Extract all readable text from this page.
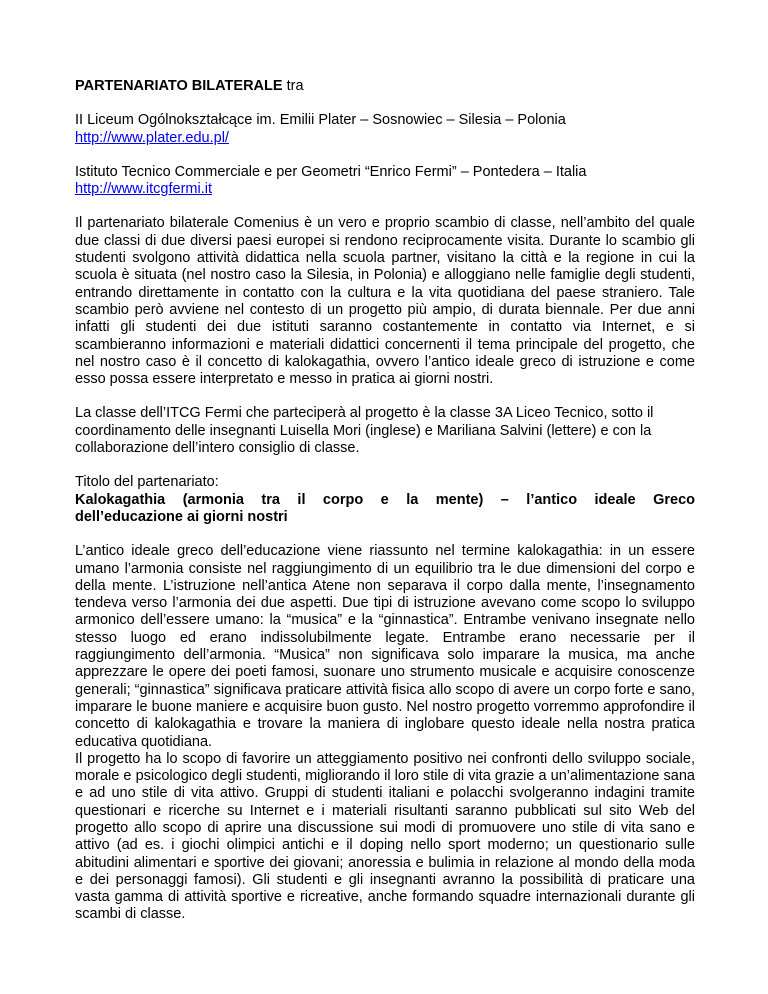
PARTENARIATO BILATERALE tra

II Liceum Ogólnokształcące im. Emilii Plater – Sosnowiec – Silesia – Polonia

http://www.plater.edu.pl/

Istituto Tecnico Commerciale e per Geometri “Enrico Fermi” – Pontedera – Italia

http://www.itcgfermi.it

Il partenariato bilaterale Comenius è un vero e proprio scambio di classe, nell’ambito del quale due classi di due diversi paesi europei si rendono reciprocamente visita. Durante lo scambio gli studenti svolgono attività didattica nella scuola partner, visitano la città e la regione in cui la scuola è situata (nel nostro caso la Silesia, in Polonia) e alloggiano nelle famiglie degli studenti, entrando direttamente in contatto con la cultura e la vita quotidiana del paese straniero. Tale scambio però avviene nel contesto di un progetto più ampio, di durata biennale. Per due anni infatti gli studenti dei due istituti saranno costantemente in contatto via Internet, e si scambieranno informazioni e materiali didattici concernenti il tema principale del progetto, che nel nostro caso è il concetto di kalokagathia, ovvero l’antico ideale greco di istruzione e come esso possa essere interpretato e messo in pratica ai giorni nostri.

La classe dell’ITCG Fermi che parteciperà al progetto è la classe 3A Liceo Tecnico, sotto il coordinamento delle insegnanti Luisella Mori (inglese) e Mariliana Salvini (lettere) e con la collaborazione dell’intero consiglio di classe.

Titolo del partenariato:

Kalokagathia (armonia tra il corpo e la mente) – l’antico ideale Greco

dell’educazione ai giorni nostri

L’antico ideale greco dell’educazione viene riassunto nel termine kalokagathia: in un essere umano l’armonia consiste nel raggiungimento di un equilibrio tra le due dimensioni del corpo e della mente. L’istruzione nell’antica Atene non separava il corpo dalla mente, l’insegnamento tendeva verso l’armonia dei due aspetti. Due tipi di istruzione avevano come scopo lo sviluppo armonico dell’essere umano: la “musica” e la “ginnastica”. Entrambe venivano insegnate nello stesso luogo ed erano indissolubilmente legate. Entrambe erano necessarie per il raggiungimento dell’armonia. “Musica” non significava solo imparare la musica, ma anche apprezzare le opere dei poeti famosi, suonare uno strumento musicale e acquisire conoscenze generali; “ginnastica” significava praticare attività fisica allo scopo di avere un corpo forte e sano, imparare le buone maniere e acquisire buon gusto. Nel nostro progetto vorremmo approfondire il concetto di kalokagathia e trovare la maniera di inglobare questo ideale nella nostra pratica educativa quotidiana.

Il progetto ha lo scopo di favorire un atteggiamento positivo nei confronti dello sviluppo sociale, morale e psicologico degli studenti, migliorando il loro stile di vita grazie a un’alimentazione sana e ad uno stile di vita attivo. Gruppi di studenti italiani e polacchi svolgeranno indagini tramite questionari e ricerche su Internet e i materiali risultanti saranno pubblicati sul sito Web del progetto allo scopo di aprire una discussione sui modi di promuovere uno stile di vita sano e attivo (ad es. i giochi olimpici antichi e il doping nello sport moderno; un questionario sulle abitudini alimentari e sportive dei giovani; anoressia e bulimia in relazione al mondo della moda e dei personaggi famosi). Gli studenti e gli insegnanti avranno la possibilità di praticare una vasta gamma di attività sportive e ricreative, anche formando squadre internazionali durante gli scambi di classe.
